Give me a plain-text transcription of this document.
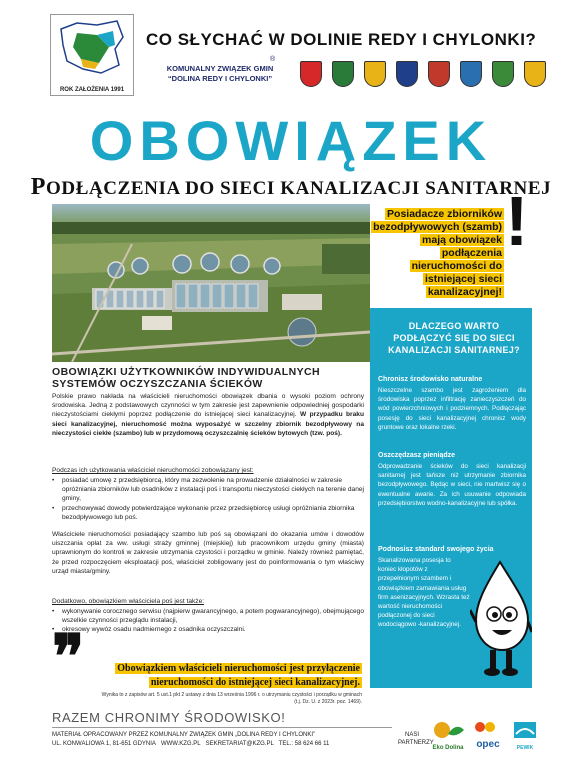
ROK ZAŁOŻENIA 1991
CO SŁYCHAĆ W DOLINIE REDY I CHYLONKI?
®
KOMUNALNY ZWIĄZEK GMIN
“DOLINA REDY I CHYLONKI”
OBOWIĄZEK
PODŁĄCZENIA DO SIECI KANALIZACJI SANITARNEJ
Posiadacze zbiorników bezodpływowych (szamb) mają obowiązek podłączenia nieruchomości do istniejącej sieci kanalizacyjnej!
!
DLACZEGO WARTO PODŁĄCZYĆ SIĘ DO SIECI KANALIZACJI SANITARNEJ?
Chronisz środowisko naturalne
Nieszczelne szambo jest zagrożeniem dla środowiska poprzez infiltrację zanieczyszczeń do wód powierzchniowych i podziemnych. Podłączając posesję do sieci kanalizacyjnej chronisz wody gruntowe oraz lokalne rzeki.
Oszczędzasz pieniądze
Odprowadzanie ścieków do sieci kanalizacji sanitarnej jest tańsze niż utrzymanie zbiornika bezodpływowego. Będąc w sieci, nie martwisz się o ewentualne awarie. Za ich usuwanie odpowiada przedsiębiorstwo wodno-kanalizacyjne lub spółka.
Podnosisz standard swojego życia
Skanalizowana posesja to koniec kłopotów z przepełnionym szambem i obowiązkiem zamawiania usług firm asenizacyjnych. Wzrasta też wartość nieruchomości podłączonej do sieci wodociągowo -kanalizacyjnej.
OBOWIĄZKI UŻYTKOWNIKÓW INDYWIDUALNYCH SYSTEMÓW OCZYSZCZANIA ŚCIEKÓW
Polskie prawo nakłada na właścicieli nieruchomości obowiązek dbania o wysoki poziom ochrony środowiska. Jedną z podstawowych czynności w tym zakresie jest zapewnienie odpowiedniej gospodarki nieczystościami ciekłymi poprzez podłączenie do istniejącej sieci kanalizacyjnej. W przypadku braku sieci kanalizacyjnej, nieruchomość można wyposażyć w szczelny zbiornik bezodpływowy na nieczystości ciekłe (szambo) lub w przydomową oczyszczalnię ścieków bytowych (tzw. poś).
Podczas ich użytkowania właściciel nieruchomości zobowiązany jest:
• posiadać umowę z przedsiębiorcą, który ma zezwolenie na prowadzenie działalności w zakresie opróżniania zbiorników lub osadników z instalacji poś i transportu nieczystości ciekłych na terenie danej gminy,
• przechowywać dowody potwierdzające wykonanie przez przedsiębiorcę usługi opróżniania zbiornika bezodpływowego lub poś.
Właściciele nieruchomości posiadający szambo lub poś są obowiązani do okazania umów i dowodów uiszczania opłat za ww. usługi straży gminnej (miejskiej) lub pracownikom urzędu gminy (miasta) uprawnionym do kontroli w zakresie utrzymania czystości i porządku w gminie. Należy również pamiętać, że przed rozpoczęciem eksploatacji poś, właściciel zobligowany jest do poinformowania o tym właściwy urząd miasta/gminy.
Dodatkowo, obowiązkiem właściciela poś jest także:
• wykonywanie corocznego serwisu (najpierw gwarancyjnego, a potem pogwarancyjnego), obejmującego wszelkie czynności przeglądu instalacji,
• okresowy wywóz osadu nadmiernego z osadnika oczyszczalni.
❞	Obowiązkiem właścicieli nieruchomości jest przyłączenie nieruchomości do istniejącej sieci kanalizacyjnej.
Wynika to z zapisów art. 5 ust.1 pkt 2 ustawy z dnia 13 września 1996 r. o utrzymaniu czystości i porządku w gminach
(t.j. Dz. U. z 2023r. poz. 1469).
RAZEM CHRONIMY ŚRODOWISKO!
MATERIAŁ OPRACOWANY PRZEZ KOMUNALNY ZWIĄZEK GMIN „DOLINA REDY I CHYLONKI”
UL. KONWALIOWA 1, 81-651 GDYNIA WWW.KZG.PL SEKRETARIAT@KZG.PL TEL.: 58 624 66 11
NASI PARTNERZY
Eko Dolina	opec	PEWIK
